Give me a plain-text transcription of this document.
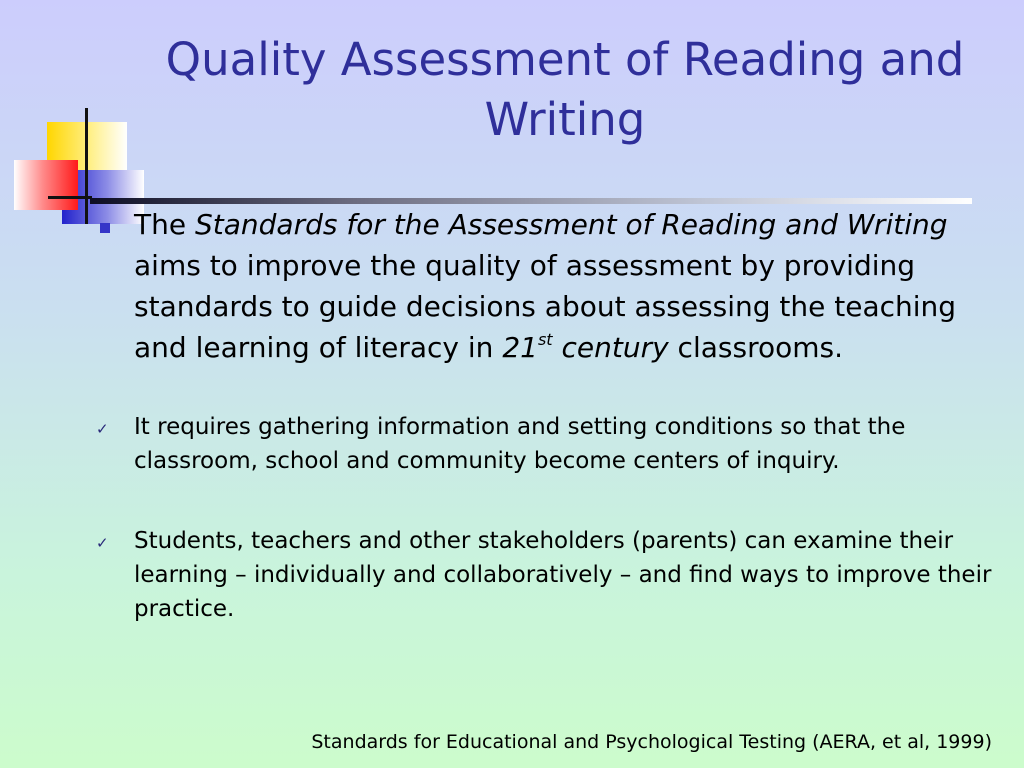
Quality Assessment of Reading and Writing

The Standards for the Assessment of Reading and Writing aims to improve the quality of assessment by providing standards to guide decisions about assessing the teaching and learning of literacy in 21st century classrooms.

✓ It requires gathering information and setting conditions so that the classroom, school and community become centers of inquiry.

✓ Students, teachers and other stakeholders (parents) can examine their learning – individually and collaboratively – and find ways to improve their practice.

Standards for Educational and Psychological Testing (AERA, et al, 1999)
